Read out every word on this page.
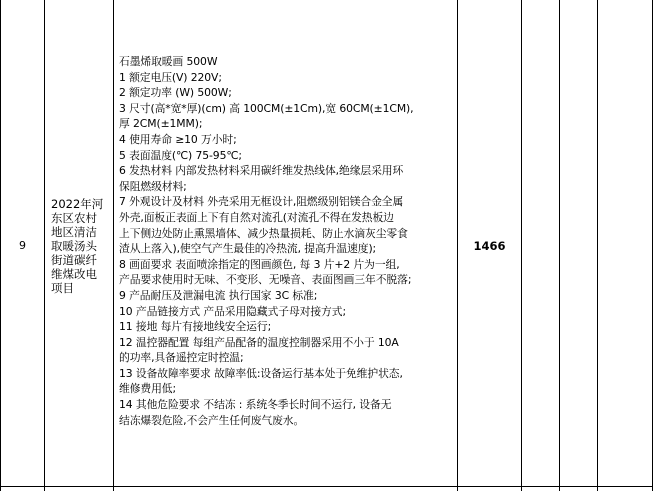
9
2022年河东区农村地区清洁取暖汤头街道碳纤维煤改电项目
石墨烯取暖画 500W
1 额定电压(V) 220V;
2 额定功率 (W) 500W;
3 尺寸(高*宽*厚)(cm) 高 100CM(±1Cm),宽 60CM(±1CM),
厚 2CM(±1MM);
4 使用寿命 ≥10 万小时;
5 表面温度(℃) 75-95℃;
6 发热材料 内部发热材料采用碳纤维发热线体,绝缘层采用环
保阻燃级材料;
7 外观设计及材料 外壳采用无框设计,阻燃级别铝镁合金全属
外壳,面板正表面上下有自然对流孔(对流孔不得在发热板边
上下侧边处防止熏黑墙体、减少热量损耗、防止水滴灰尘零食
渣从上落入),使空气产生最佳的冷热流, 提高升温速度);
8 画面要求 表面喷涂指定的图画颜色, 每 3 片+2 片为一组,
产品要求使用时无味、不变形、无噪音、表面图画三年不脱落;
9 产品耐压及泄漏电流 执行国家 3C 标准;
10 产品链接方式 产品采用隐藏式子母对接方式;
11 接地 每片有接地线安全运行;
12 温控器配置 每组产品配备的温度控制器采用不小于 10A
的功率,具备遥控定时控温;
13 设备故障率要求 故障率低:设备运行基本处于免维护状态,
维修费用低;
14 其他危险要求 不结冻 : 系统冬季长时间不运行, 设备无
结冻爆裂危险,不会产生任何废气废水。
1466
